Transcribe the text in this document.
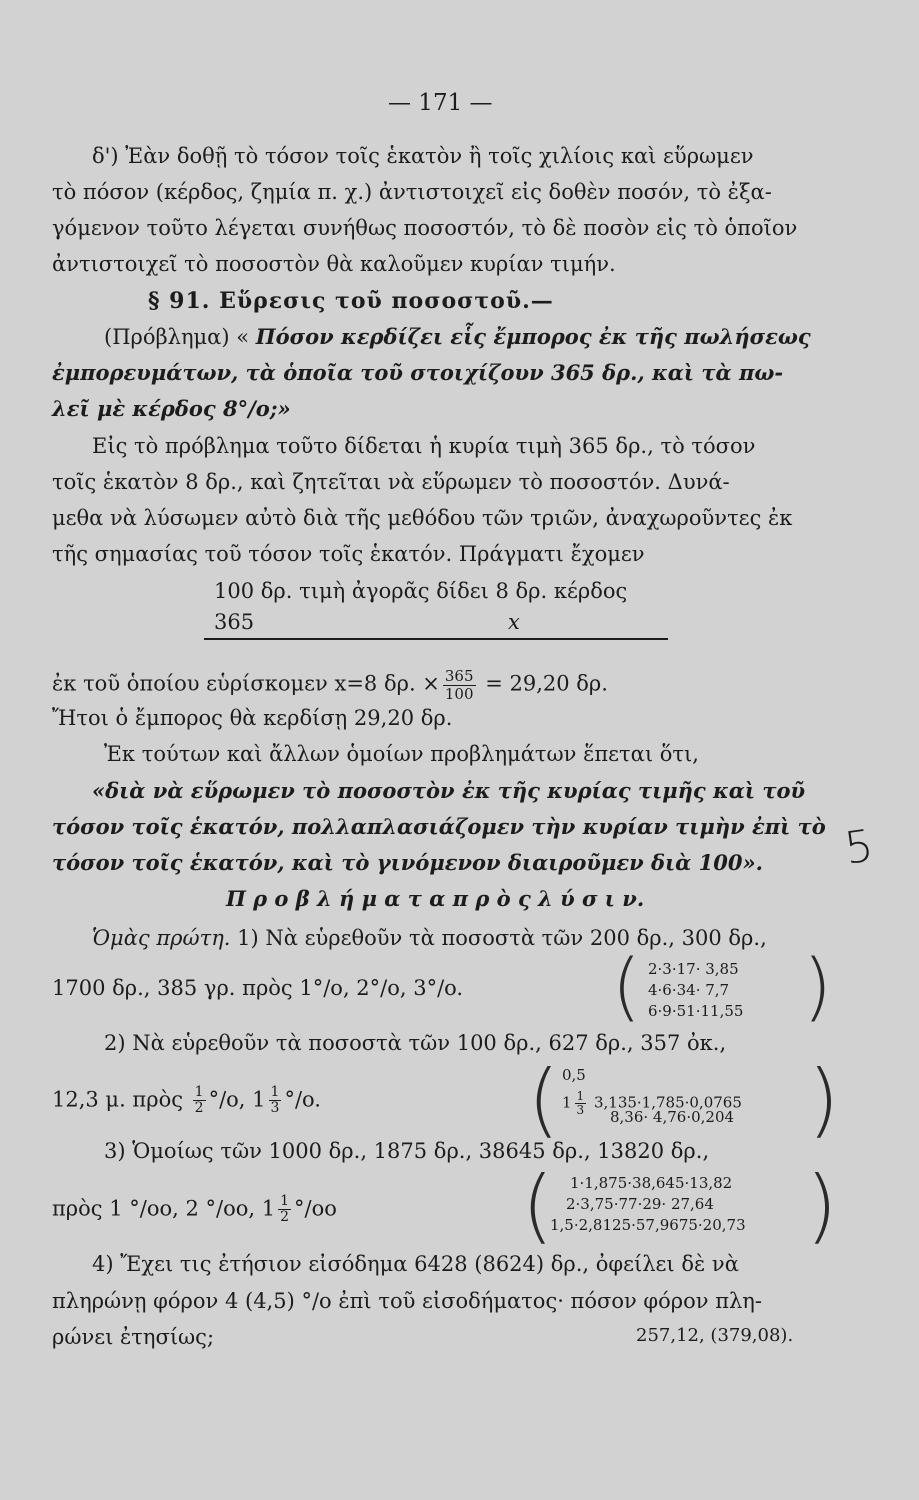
— 171 —
δ') Ἐὰν δοθῇ τὸ τόσον τοῖς ἑκατὸν ἢ τοῖς χιλίοις καὶ εὕρωμεν
τὸ πόσον (κέρδος, ζημία π. χ.) ἀντιστοιχεῖ εἰς δοθὲν ποσόν, τὸ ἐξα-
γόμενον τοῦτο λέγεται συνήθως ποσοστόν, τὸ δὲ ποσὸν εἰς τὸ ὁποῖον
ἀντιστοιχεῖ τὸ ποσοστὸν θὰ καλοῦμεν κυρίαν τιμήν.
§ 91. Εὕρεσις τοῦ ποσοστοῦ.—
(Πρόβλημα) « Πόσον κερδίζει εἷς ἔμπορος ἐκ τῆς πωλήσεως
ἐμπορευμάτων, τὰ ὁποῖα τοῦ στοιχίζουν 365 δρ., καὶ τὰ πω-
λεῖ μὲ κέρδος 8°/o;»
Εἰς τὸ πρόβλημα τοῦτο δίδεται ἡ κυρία τιμὴ 365 δρ., τὸ τόσον
τοῖς ἑκατὸν 8 δρ., καὶ ζητεῖται νὰ εὕρωμεν τὸ ποσοστόν. Δυνά-
μεθα νὰ λύσωμεν αὐτὸ διὰ τῆς μεθόδου τῶν τριῶν, ἀναχωροῦντες ἐκ
τῆς σημασίας τοῦ τόσον τοῖς ἑκατόν. Πράγματι ἔχομεν
100 δρ. τιμὴ ἀγορᾶς δίδει 8 δρ. κέρδος
365	x
ἐκ τοῦ ὁποίου εὑρίσκομεν x=8 δρ. × $\frac{365}{100} = 29,20$ δρ.
Ἤτοι ὁ ἔμπορος θὰ κερδίσῃ 29,20 δρ.
Ἐκ τούτων καὶ ἄλλων ὁμοίων προβλημάτων ἕπεται ὅτι,
«διὰ νὰ εὕρωμεν τὸ ποσοστὸν ἐκ τῆς κυρίας τιμῆς καὶ τοῦ
τόσον τοῖς ἑκατόν, πολλαπλασιάζομεν τὴν κυρίαν τιμὴν ἐπὶ τὸ
τόσον τοῖς ἑκατόν, καὶ τὸ γινόμενον διαιροῦμεν διὰ 100». 5
Π ρ ο β λ ή μ α τ α π ρ ὸ ς λ ύ σ ι ν.
Ὁμὰς πρώτη. 1) Νὰ εὑρεθοῦν τὰ ποσοστὰ τῶν 200 δρ., 300 δρ.,
1700 δρ., 385 γρ. πρὸς 1°/o, 2°/o, 3°/o. ( 2·3·17· 3,85
4·6·34· 7,7
6·9·51·11,55 )
2) Νὰ εὑρεθοῦν τὰ ποσοστὰ τῶν 100 δρ., 627 δρ., 357 ὀκ.,
12,3 μ. πρὸς $\frac{1}{2} ^\circ/o$, $1 \frac{1}{3} ^\circ/o$.	( 0,5
$1 \frac{1}{3} 3,135\cdot 1,785\cdot 0,0765$
8,36· 4,76·0,204 )
3) Ὁμοίως τῶν 1000 δρ., 1875 δρ., 38645 δρ., 13820 δρ.,
πρὸς 1 °/oo, 2 °/oo, $1 \frac{1}{2} ^\circ/oo$ ( 1·1,875·38,645·13,82
2·3,75·77·29· 27,64
1,5·2,8125·57,9675·20,73 )
4) Ἔχει τις ἐτήσιον εἰσόδημα 6428 (8624) δρ., ὀφείλει δὲ νὰ
πληρώνῃ φόρον 4 (4,5) °/o ἐπὶ τοῦ εἰσοδήματος· πόσον φόρον πλη-
ρώνει ἐτησίως;	257,12, (379,08).
